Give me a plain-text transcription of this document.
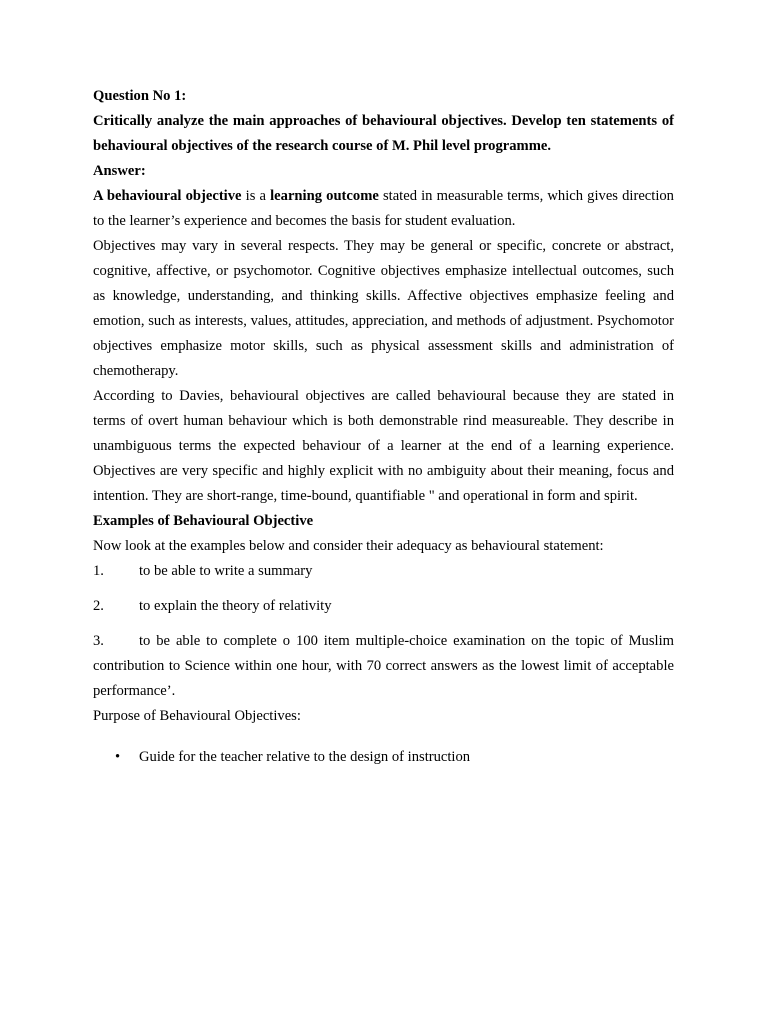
Question No 1:

Critically analyze the main approaches of behavioural objectives. Develop ten statements of behavioural objectives of the research course of M. Phil level programme.

Answer:

A behavioural objective is a learning outcome stated in measurable terms, which gives direction to the learner’s experience and becomes the basis for student evaluation.

Objectives may vary in several respects. They may be general or specific, concrete or abstract, cognitive, affective, or psychomotor. Cognitive objectives emphasize intellectual outcomes, such as knowledge, understanding, and thinking skills. Affective objectives emphasize feeling and emotion, such as interests, values, attitudes, appreciation, and methods of adjustment. Psychomotor objectives emphasize motor skills, such as physical assessment skills and administration of chemotherapy.

According to Davies, behavioural objectives are called behavioural because they are stated in terms of overt human behaviour which is both demonstrable rind measureable. They describe in unambiguous terms the expected behaviour of a learner at the end of a learning experience. Objectives are very specific and highly explicit with no ambiguity about their meaning, focus and intention. They are short-range, time-bound, quantifiable " and operational in form and spirit.

Examples of Behavioural Objective

Now look at the examples below and consider their adequacy as behavioural statement:

1.	to be able to write a summary
2.	to explain the theory of relativity

3. to be able to complete o 100 item multiple-choice examination on the topic of Muslim contribution to Science within one hour, with 70 correct answers as the lowest limit of acceptable performance’.

Purpose of Behavioural Objectives:

•	Guide for the teacher relative to the design of instruction
